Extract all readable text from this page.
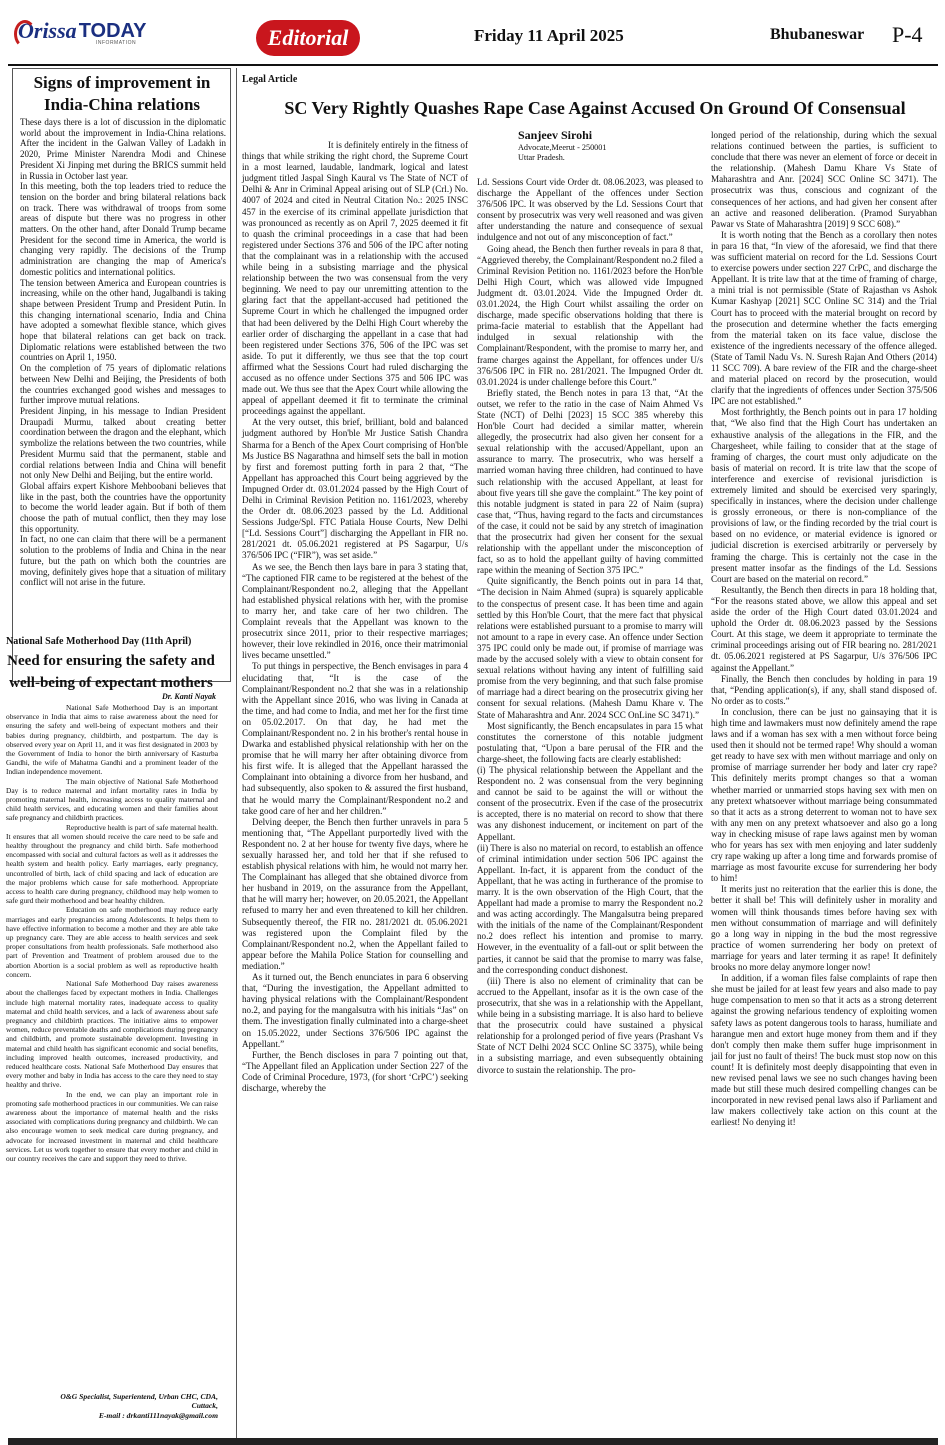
Orissa TODAY
INFORMATION	Editorial	Friday 11 April 2025	Bhubaneswar P-4
Signs of improvement in India-China relations

These days there is a lot of discussion in the diplomatic world about the improvement in India-China relations. After the incident in the Galwan Valley of Ladakh in 2020, Prime Minister Narendra Modi and Chinese President Xi Jinping met during the BRICS summit held in Russia in October last year.

In this meeting, both the top leaders tried to reduce the tension on the border and bring bilateral relations back on track. There was withdrawal of troops from some areas of dispute but there was no progress in other matters. On the other hand, after Donald Trump became President for the second time in America, the world is changing very rapidly. The decisions of the Trump administration are changing the map of America's domestic politics and international politics.

The tension between America and European countries is increasing, while on the other hand, Jugalbandi is taking shape between President Trump and President Putin. In this changing international scenario, India and China have adopted a somewhat flexible stance, which gives hope that bilateral relations can get back on track. Diplomatic relations were established between the two countries on April 1, 1950.

On the completion of 75 years of diplomatic relations between New Delhi and Beijing, the Presidents of both the countries exchanged good wishes and messages to further improve mutual relations.

President Jinping, in his message to Indian President Draupadi Murmu, talked about creating better coordination between the dragon and the elephant, which symbolize the relations between the two countries, while President Murmu said that the permanent, stable and cordial relations between India and China will benefit not only New Delhi and Beijing, but the entire world.

Global affairs expert Kishore Mehboobani believes that like in the past, both the countries have the opportunity to become the world leader again. But if both of them choose the path of mutual conflict, then they may lose this opportunity.

In fact, no one can claim that there will be a permanent solution to the problems of India and China in the near future, but the path on which both the countries are moving, definitely gives hope that a situation of military conflict will not arise in the future.

National Safe Motherhood Day (11th April)
Need for ensuring the safety and well-being of expectant mothers
Dr. Kanti Nayak

National Safe Motherhood Day is an important observance in India that aims to raise awareness about the need for ensuring the safety and well-being of expectant mothers and their babies during pregnancy, childbirth, and postpartum. The day is observed every year on April 11, and it was first designated in 2003 by the Government of India to honor the birth anniversary of Kasturba Gandhi, the wife of Mahatma Gandhi and a prominent leader of the Indian independence movement.

The main objective of National Safe Motherhood Day is to reduce maternal and infant mortality rates in India by promoting maternal health, increasing access to quality maternal and child health services, and educating women and their families about safe pregnancy and childbirth practices.

Reproductive health is part of safe maternal health. It ensures that all women should receive the care need to be safe and healthy throughout the pregnancy and child birth. Safe motherhood encompassed with social and cultural factors as well as it addresses the health system and health policy. Early marriages, early pregnancy, uncontrolled of birth, lack of child spacing and lack of education are the major problems which cause for safe motherhood. Appropriate access to health care during pregnancy, childhood may help women to safe gurd their motherhood and bear healthy children.

Education on safe motherhood may reduce early marriages and early pregnancies among Adolescents. It helps them to have effective information to become a mother and they are able take up pregnancy care. They are able access to health services and seek proper consultations from health professionals. Safe motherhood also part of Prevention and Treatment of problem aroused due to the abortion Abortion is a social problem as well as reproductive health concern.

National Safe Motherhood Day raises awareness about the challenges faced by expectant mothers in India. Challenges include high maternal mortality rates, inadequate access to quality maternal and child health services, and a lack of awareness about safe pregnancy and childbirth practices. The initiative aims to empower women, reduce preventable deaths and complications during pregnancy and childbirth, and promote sustainable development. Investing in maternal and child health has significant economic and social benefits, including improved health outcomes, increased productivity, and reduced healthcare costs. National Safe Motherhood Day ensures that every mother and baby in India has access to the care they need to stay healthy and thrive.

In the end, we can play an important role in promoting safe motherhood practices in our communities. We can raise awareness about the importance of maternal health and the risks associated with complications during pregnancy and childbirth. We can also encourage women to seek medical care during pregnancy, and advocate for increased investment in maternal and child healthcare services. Let us work together to ensure that every mother and child in our country receives the care and support they need to thrive.

O&G Specialist, Superientend, Urban CHC, CDA,
Cuttack,
E-mail : drkanti111nayak@gmail.com
Legal Article
SC Very Rightly Quashes Rape Case Against Accused On Ground Of Consensual
Sanjeev Sirohi
Advocate,Meerut - 250001
Uttar Pradesh.

It is definitely entirely in the fitness of things that while striking the right chord, the Supreme Court in a most learned, laudable, landmark, logical and latest judgment titled Jaspal Singh Kaural vs The State of NCT of Delhi & Anr in Criminal Appeal arising out of SLP (Crl.) No. 4007 of 2024 and cited in Neutral Citation No.: 2025 INSC 457 in the exercise of its criminal appellate jurisdiction that was pronounced as recently as on April 7, 2025 deemed it fit to quash the criminal proceedings in a case that had been registered under Sections 376 and 506 of the IPC after noting that the complainant was in a relationship with the accused while being in a subsisting marriage and the physical relationship between the two was consensual from the very beginning. We need to pay our unremitting attention to the glaring fact that the appellant-accused had petitioned the Supreme Court in which he challenged the impugned order that had been delivered by the Delhi High Court whereby the earlier order of discharging the appellant in a case that had been registered under Sections 376, 506 of the IPC was set aside. To put it differently, we thus see that the top court affirmed what the Sessions Court had ruled discharging the accused as no offence under Sections 375 and 506 IPC was made out. We thus see that the Apex Court while allowing the appeal of appellant deemed it fit to terminate the criminal proceedings against the appellant.

At the very outset, this brief, brilliant, bold and balanced judgment authored by Hon'ble Mr Justice Satish Chandra Sharma for a Bench of the Apex Court comprising of Hon'ble Ms Justice BS Nagarathna and himself sets the ball in motion by first and foremost putting forth in para 2 that, “The Appellant has approached this Court being aggrieved by the Impugned Order dt. 03.01.2024 passed by the High Court of Delhi in Criminal Revision Petition no. 1161/2023, whereby the Order dt. 08.06.2023 passed by the Ld. Additional Sessions Judge/Spl. FTC Patiala House Courts, New Delhi [“Ld. Sessions Court”] discharging the Appellant in FIR no. 281/2021 dt. 05.06.2021 registered at PS Sagarpur, U/s 376/506 IPC (“FIR”), was set aside.”

As we see, the Bench then lays bare in para 3 stating that, “The captioned FIR came to be registered at the behest of the Complainant/Respondent no.2, alleging that the Appellant had established physical relations with her, with the promise to marry her, and take care of her two children. The Complaint reveals that the Appellant was known to the prosecutrix since 2011, prior to their respective marriages; however, their love rekindled in 2016, once their matrimonial lives became unsettled.”

To put things in perspective, the Bench envisages in para 4 elucidating that, “It is the case of the Complainant/Respondent no.2 that she was in a relationship with the Appellant since 2016, who was living in Canada at the time, and had come to India, and met her for the first time on 05.02.2017. On that day, he had met the Complainant/Respondent no. 2 in his brother's rental house in Dwarka and established physical relationship with her on the promise that he will marry her after obtaining divorce from his first wife. It is alleged that the Appellant harassed the Complainant into obtaining a divorce from her husband, and had subsequently, also spoken to & assured the first husband, that he would marry the Complainant/Respondent no.2 and take good care of her and her children.”

Delving deeper, the Bench then further unravels in para 5 mentioning that, “The Appellant purportedly lived with the Respondent no. 2 at her house for twenty five days, where he sexually harassed her, and told her that if she refused to establish physical relations with him, he would not marry her. The Complainant has alleged that she obtained divorce from her husband in 2019, on the assurance from the Appellant, that he will marry her; however, on 20.05.2021, the Appellant refused to marry her and even threatened to kill her children. Subsequently thereof, the FIR no. 281/2021 dt. 05.06.2021 was registered upon the Complaint filed by the Complainant/Respondent no.2, when the Appellant failed to appear before the Mahila Police Station for counselling and mediation.”

As it turned out, the Bench enunciates in para 6 observing that, “During the investigation, the Appellant admitted to having physical relations with the Complainant/Respondent no.2, and paying for the mangalsutra with his initials “Jas” on them. The investigation finally culminated into a charge-sheet on 15.05.2022, under Sections 376/506 IPC against the Appellant.”

Further, the Bench discloses in para 7 pointing out that, “The Appellant filed an Application under Section 227 of the Code of Criminal Procedure, 1973, (for short ‘CrPC’) seeking discharge, whereby the

Ld. Sessions Court vide Order dt. 08.06.2023, was pleased to discharge the Appellant of the offences under Section 376/506 IPC. It was observed by the Ld. Sessions Court that consent by prosecutrix was very well reasoned and was given after understanding the nature and consequence of sexual indulgence and not out of any misconception of fact.”

Going ahead, the Bench then further reveals in para 8 that, “Aggrieved thereby, the Complainant/Respondent no.2 filed a Criminal Revision Petition no. 1161/2023 before the Hon'ble Delhi High Court, which was allowed vide Impugned Judgment dt. 03.01.2024. Vide the Impugned Order dt. 03.01.2024, the High Court whilst assailing the order on discharge, made specific observations holding that there is prima-facie material to establish that the Appellant had indulged in sexual relationship with the Complainant/Respondent, with the promise to marry her, and frame charges against the Appellant, for offences under U/s 376/506 IPC in FIR no. 281/2021. The Impugned Order dt. 03.01.2024 is under challenge before this Court.”

Briefly stated, the Bench notes in para 13 that, “At the outset, we refer to the ratio in the case of Naim Ahmed Vs State (NCT) of Delhi [2023] 15 SCC 385 whereby this Hon'ble Court had decided a similar matter, wherein allegedly, the prosecutrix had also given her consent for a sexual relationship with the accused/Appellant, upon an assurance to marry. The prosecutrix, who was herself a married woman having three children, had continued to have such relationship with the accused Appellant, at least for about five years till she gave the complaint.” The key point of this notable judgment is stated in para 22 of Naim (supra) case that, “Thus, having regard to the facts and circumstances of the case, it could not be said by any stretch of imagination that the prosecutrix had given her consent for the sexual relationship with the appellant under the misconception of fact, so as to hold the appellant guilty of having committed rape within the meaning of Section 375 IPC.”

Quite significantly, the Bench points out in para 14 that, “The decision in Naim Ahmed (supra) is squarely applicable to the conspectus of present case. It has been time and again settled by this Hon'ble Court, that the mere fact that physical relations were established pursuant to a promise to marry will not amount to a rape in every case. An offence under Section 375 IPC could only be made out, if promise of marriage was made by the accused solely with a view to obtain consent for sexual relations without having any intent of fulfilling said promise from the very beginning, and that such false promise of marriage had a direct bearing on the prosecutrix giving her consent for sexual relations. (Mahesh Damu Khare v. The State of Maharashtra and Anr. 2024 SCC OnLine SC 3471).”

Most significantly, the Bench encapsulates in para 15 what constitutes the cornerstone of this notable judgment postulating that, “Upon a bare perusal of the FIR and the charge-sheet, the following facts are clearly established:

(i) The physical relationship between the Appellant and the Respondent no. 2 was consensual from the very beginning and cannot be said to be against the will or without the consent of the prosecutrix. Even if the case of the prosecutrix is accepted, there is no material on record to show that there was any dishonest inducement, or incitement on part of the Appellant.

(ii) There is also no material on record, to establish an offence of criminal intimidation under section 506 IPC against the Appellant. In-fact, it is apparent from the conduct of the Appellant, that he was acting in furtherance of the promise to marry. It is the own observation of the High Court, that the Appellant had made a promise to marry the Respondent no.2 and was acting accordingly. The Mangalsutra being prepared with the initials of the name of the Complainant/Respondent no.2 does reflect his intention and promise to marry. However, in the eventuality of a fall-out or split between the parties, it cannot be said that the promise to marry was false, and the corresponding conduct dishonest.

(iii) There is also no element of criminality that can be accrued to the Appellant, insofar as it is the own case of the prosecutrix, that she was in a relationship with the Appellant, while being in a subsisting marriage. It is also hard to believe that the prosecutrix could have sustained a physical relationship for a prolonged period of five years (Prashant Vs State of NCT Delhi 2024 SCC Online SC 3375), while being in a subsisting marriage, and even subsequently obtaining divorce to sustain the relationship. The pro-

longed period of the relationship, during which the sexual relations continued between the parties, is sufficient to conclude that there was never an element of force or deceit in the relationship. (Mahesh Damu Khare Vs State of Maharashtra and Anr. [2024] SCC Online SC 3471). The prosecutrix was thus, conscious and cognizant of the consequences of her actions, and had given her consent after an active and reasoned deliberation. (Pramod Suryabhan Pawar vs State of Maharashtra [2019] 9 SCC 608).”

It is worth noting that the Bench as a corollary then notes in para 16 that, “In view of the aforesaid, we find that there was sufficient material on record for the Ld. Sessions Court to exercise powers under section 227 CrPC, and discharge the Appellant. It is trite law that at the time of framing of charge, a mini trial is not permissible (State of Rajasthan vs Ashok Kumar Kashyap [2021] SCC Online SC 314) and the Trial Court has to proceed with the material brought on record by the prosecution and determine whether the facts emerging from the material taken on its face value, disclose the existence of the ingredients necessary of the offence alleged. (State of Tamil Nadu Vs. N. Suresh Rajan And Others (2014) 11 SCC 709). A bare review of the FIR and the charge-sheet and material placed on record by the prosecution, would clarify that the ingredients of offences under Section 375/506 IPC are not established.”

Most forthrightly, the Bench points out in para 17 holding that, “We also find that the High Court has undertaken an exhaustive analysis of the allegations in the FIR, and the Chargesheet, while failing to consider that at the stage of framing of charges, the court must only adjudicate on the basis of material on record. It is trite law that the scope of interference and exercise of revisional jurisdiction is extremely limited and should be exercised very sparingly, specifically in instances, where the decision under challenge is grossly erroneous, or there is non-compliance of the provisions of law, or the finding recorded by the trial court is based on no evidence, or material evidence is ignored or judicial discretion is exercised arbitrarily or perversely by framing the charge. This is certainly not the case in the present matter insofar as the findings of the Ld. Sessions Court are based on the material on record.”

Resultantly, the Bench then directs in para 18 holding that, “For the reasons stated above, we allow this appeal and set aside the order of the High Court dated 03.01.2024 and uphold the Order dt. 08.06.2023 passed by the Sessions Court. At this stage, we deem it appropriate to terminate the criminal proceedings arising out of FIR bearing no. 281/2021 dt. 05.06.2021 registered at PS Sagarpur, U/s 376/506 IPC against the Appellant.”

Finally, the Bench then concludes by holding in para 19 that, “Pending application(s), if any, shall stand disposed of. No order as to costs.”

In conclusion, there can be just no gainsaying that it is high time and lawmakers must now definitely amend the rape laws and if a woman has sex with a men without force being used then it should not be termed rape! Why should a woman get ready to have sex with men without marriage and only on promise of marriage surrender her body and later cry rape? This definitely merits prompt changes so that a woman whether married or unmarried stops having sex with men on any pretext whatsoever without marriage being consummated so that it acts as a strong deterrent to woman not to have sex with any men on any pretext whatsoever and also go a long way in checking misuse of rape laws against men by woman who for years has sex with men enjoying and later suddenly cry rape waking up after a long time and forwards promise of marriage as most favourite excuse for surrendering her body to him!

It merits just no reiteration that the earlier this is done, the better it shall be! This will definitely usher in morality and women will think thousands times before having sex with men without consummation of marriage and will definitely go a long way in nipping in the bud the most regressive practice of women surrendering her body on pretext of marriage for years and later terming it as rape! It definitely brooks no more delay anymore longer now!

In addition, if a woman files false complaints of rape then she must be jailed for at least few years and also made to pay huge compensation to men so that it acts as a strong deterrent against the growing nefarious tendency of exploiting women safety laws as potent dangerous tools to harass, humiliate and harangue men and extort huge money from them and if they don't comply then make them suffer huge imprisonment in jail for just no fault of theirs! The buck must stop now on this count! It is definitely most deeply disappointing that even in new revised penal laws we see no such changes having been made but still these much desired compelling changes can be incorporated in new revised penal laws also if Parliament and law makers collectively take action on this count at the earliest! No denying it!
